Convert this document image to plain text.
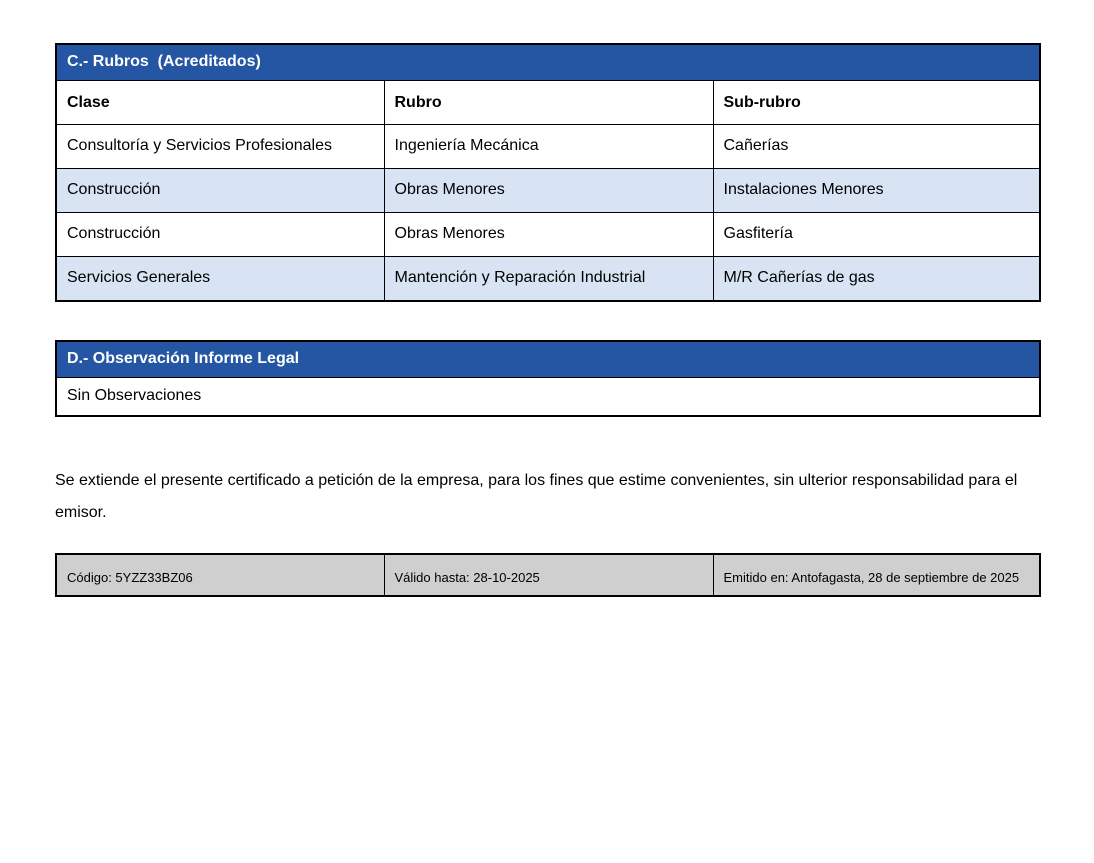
C.- Rubros  (Acreditados)		
Clase	Rubro	Sub-rubro
Consultoría y Servicios Profesionales	Ingeniería Mecánica	Cañerías
Construcción	Obras Menores	Instalaciones Menores
Construcción	Obras Menores	Gasfitería
Servicios Generales	Mantención y Reparación Industrial	M/R Cañerías de gas
D.- Observación Informe Legal
Sin Observaciones

Se extiende el presente certificado a petición de la empresa, para los fines que estime convenientes, sin ulterior responsabilidad para el emisor.

Código: 5YZZ33BZ06	Válido hasta: 28-10-2025	Emitido en: Antofagasta, 28 de septiembre de 2025
